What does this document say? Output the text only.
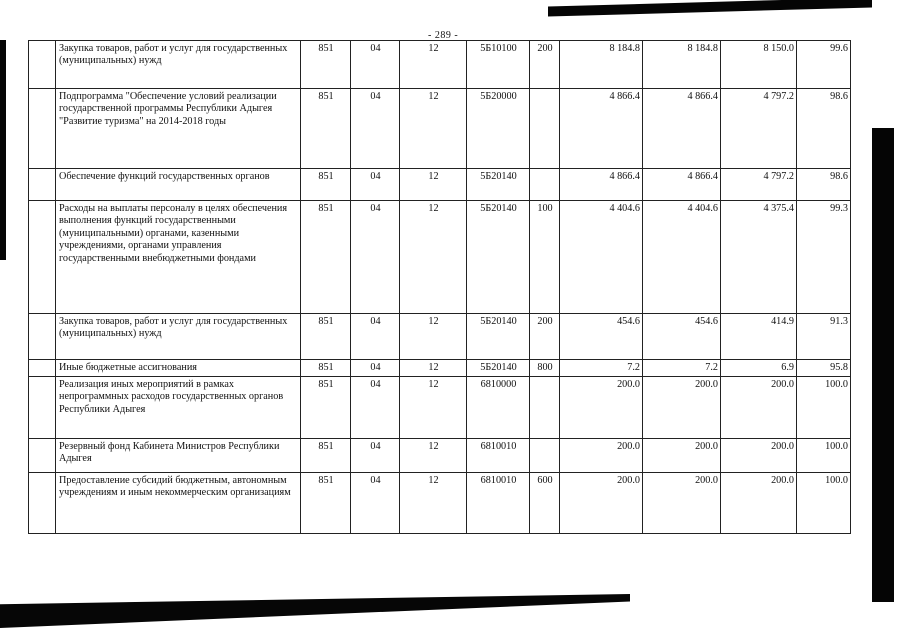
- 289 -
	Закупка товаров, работ и услуг для государственных (муниципальных) нужд	851	04	12	5Б10100	200	8 184.8	8 184.8	8 150.0	99.6
	Подпрограмма "Обеспечение условий реализации государственной программы Республики Адыгея "Развитие туризма" на 2014-2018 годы	851	04	12	5Б20000		4 866.4	4 866.4	4 797.2	98.6
	Обеспечение функций государственных органов	851	04	12	5Б20140		4 866.4	4 866.4	4 797.2	98.6
	Расходы на выплаты персоналу в целях обеспечения выполнения функций государственными (муниципальными) органами, казенными учреждениями, органами управления государственными внебюджетными фондами	851	04	12	5Б20140	100	4 404.6	4 404.6	4 375.4	99.3
	Закупка товаров, работ и услуг для государственных (муниципальных) нужд	851	04	12	5Б20140	200	454.6	454.6	414.9	91.3
	Иные бюджетные ассигнования	851	04	12	5Б20140	800	7.2	7.2	6.9	95.8
	Реализация иных мероприятий в рамках непрограммных расходов государственных органов Республики Адыгея	851	04	12	6810000		200.0	200.0	200.0	100.0
	Резервный фонд Кабинета Министров Республики Адыгея	851	04	12	6810010		200.0	200.0	200.0	100.0
	Предоставление субсидий бюджетным, автономным учреждениям и иным некоммерческим организациям	851	04	12	6810010	600	200.0	200.0	200.0	100.0
